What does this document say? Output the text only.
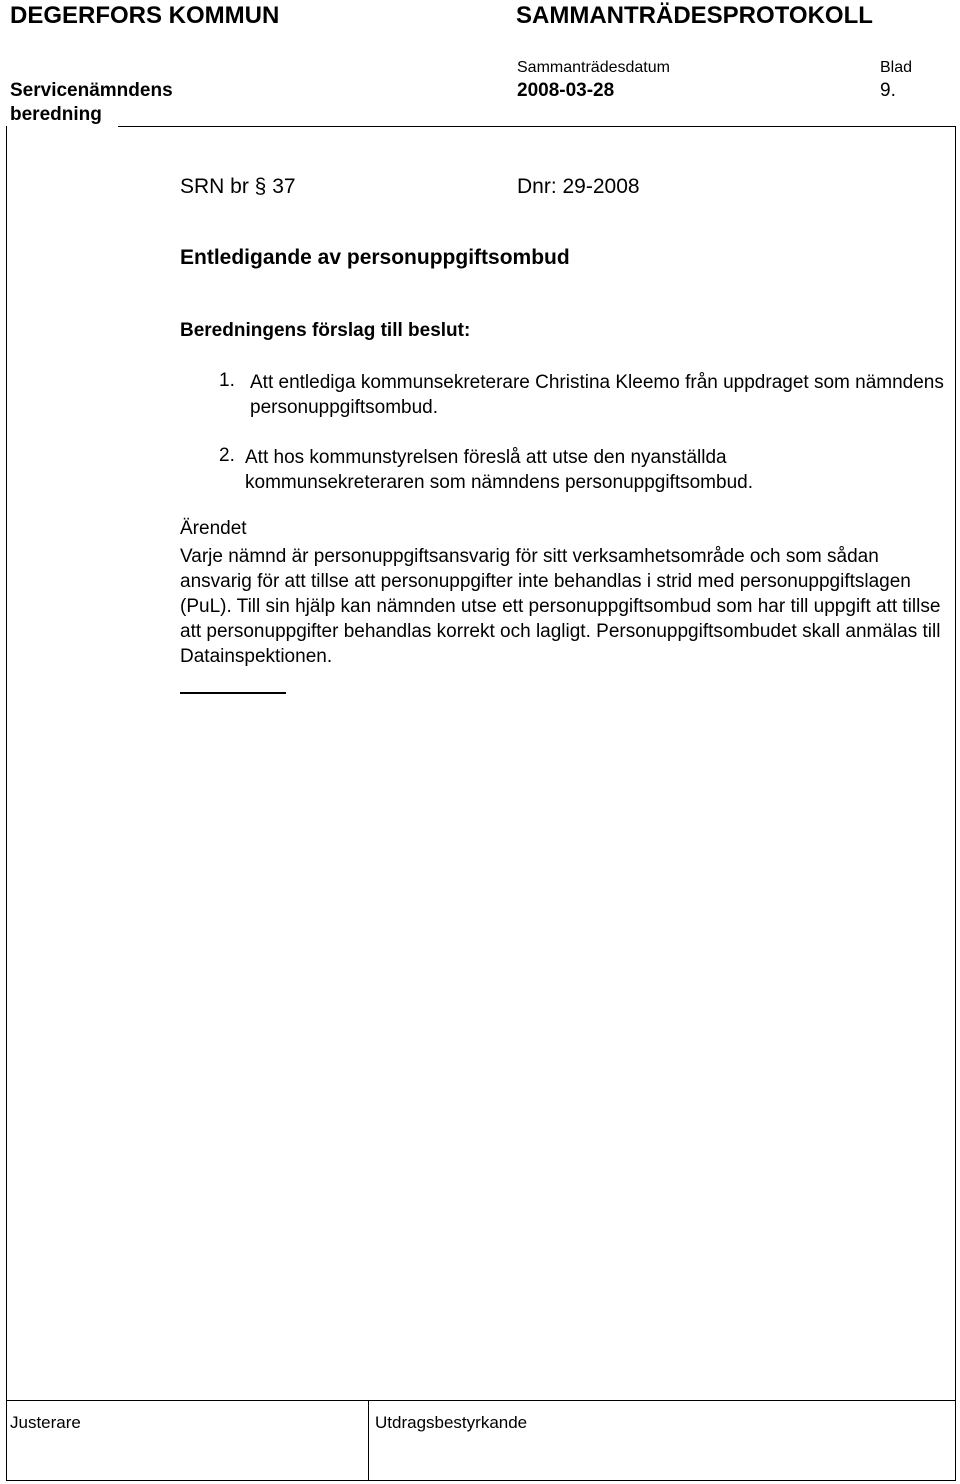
DEGERFORS KOMMUN	SAMMANTRÄDESPROTOKOLL
Sammanträdesdatum	Blad
Servicenämndens
beredning
2008-03-28	9.
SRN br § 37	Dnr: 29-2008
Entledigande av personuppgiftsombud
Beredningens förslag till beslut:
1. Att entlediga kommunsekreterare Christina Kleemo från uppdraget som nämndens personuppgiftsombud.
2. Att hos kommunstyrelsen föreslå att utse den nyanställda kommunsekreteraren som nämndens personuppgiftsombud.
Ärendet
Varje nämnd är personuppgiftsansvarig för sitt verksamhetsområde och som sådan ansvarig för att tillse att personuppgifter inte behandlas i strid med personuppgiftslagen (PuL). Till sin hjälp kan nämnden utse ett personuppgiftsombud som har till uppgift att tillse att personuppgifter behandlas korrekt och lagligt. Personuppgiftsombudet skall anmälas till Datainspektionen.
Justerare	Utdragsbestyrkande
